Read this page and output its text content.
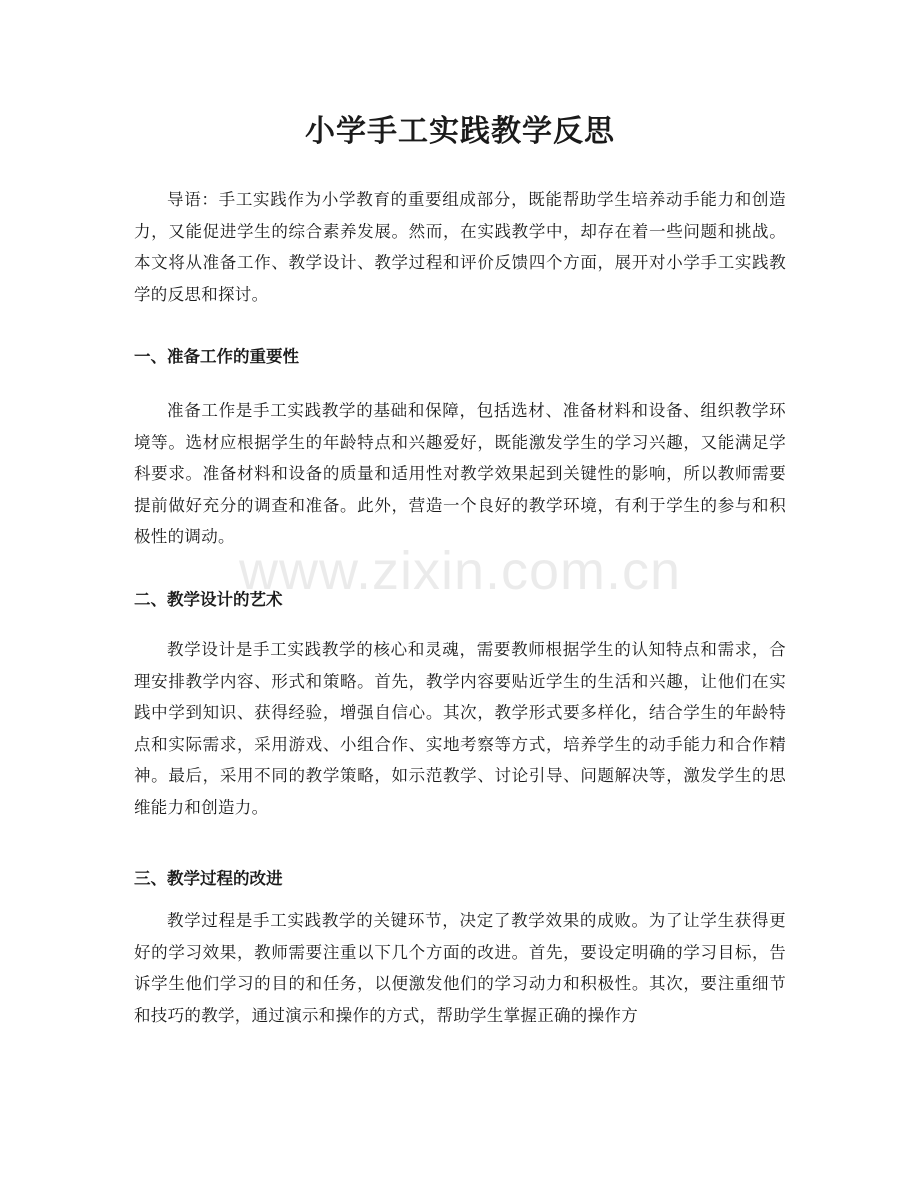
小学手工实践教学反思

导语：手工实践作为小学教育的重要组成部分，既能帮助学生培养动手能力和创造力，又能促进学生的综合素养发展。然而，在实践教学中，却存在着一些问题和挑战。本文将从准备工作、教学设计、教学过程和评价反馈四个方面，展开对小学手工实践教学的反思和探讨。

一、准备工作的重要性

准备工作是手工实践教学的基础和保障，包括选材、准备材料和设备、组织教学环境等。选材应根据学生的年龄特点和兴趣爱好，既能激发学生的学习兴趣，又能满足学科要求。准备材料和设备的质量和适用性对教学效果起到关键性的影响，所以教师需要提前做好充分的调查和准备。此外，营造一个良好的教学环境，有利于学生的参与和积极性的调动。

二、教学设计的艺术

教学设计是手工实践教学的核心和灵魂，需要教师根据学生的认知特点和需求，合理安排教学内容、形式和策略。首先，教学内容要贴近学生的生活和兴趣，让他们在实践中学到知识、获得经验，增强自信心。其次，教学形式要多样化，结合学生的年龄特点和实际需求，采用游戏、小组合作、实地考察等方式，培养学生的动手能力和合作精神。最后，采用不同的教学策略，如示范教学、讨论引导、问题解决等，激发学生的思维能力和创造力。

三、教学过程的改进

教学过程是手工实践教学的关键环节，决定了教学效果的成败。为了让学生获得更好的学习效果，教师需要注重以下几个方面的改进。首先，要设定明确的学习目标，告诉学生他们学习的目的和任务，以便激发他们的学习动力和积极性。其次，要注重细节和技巧的教学，通过演示和操作的方式，帮助学生掌握正确的操作方

www.zixin.com.cn
